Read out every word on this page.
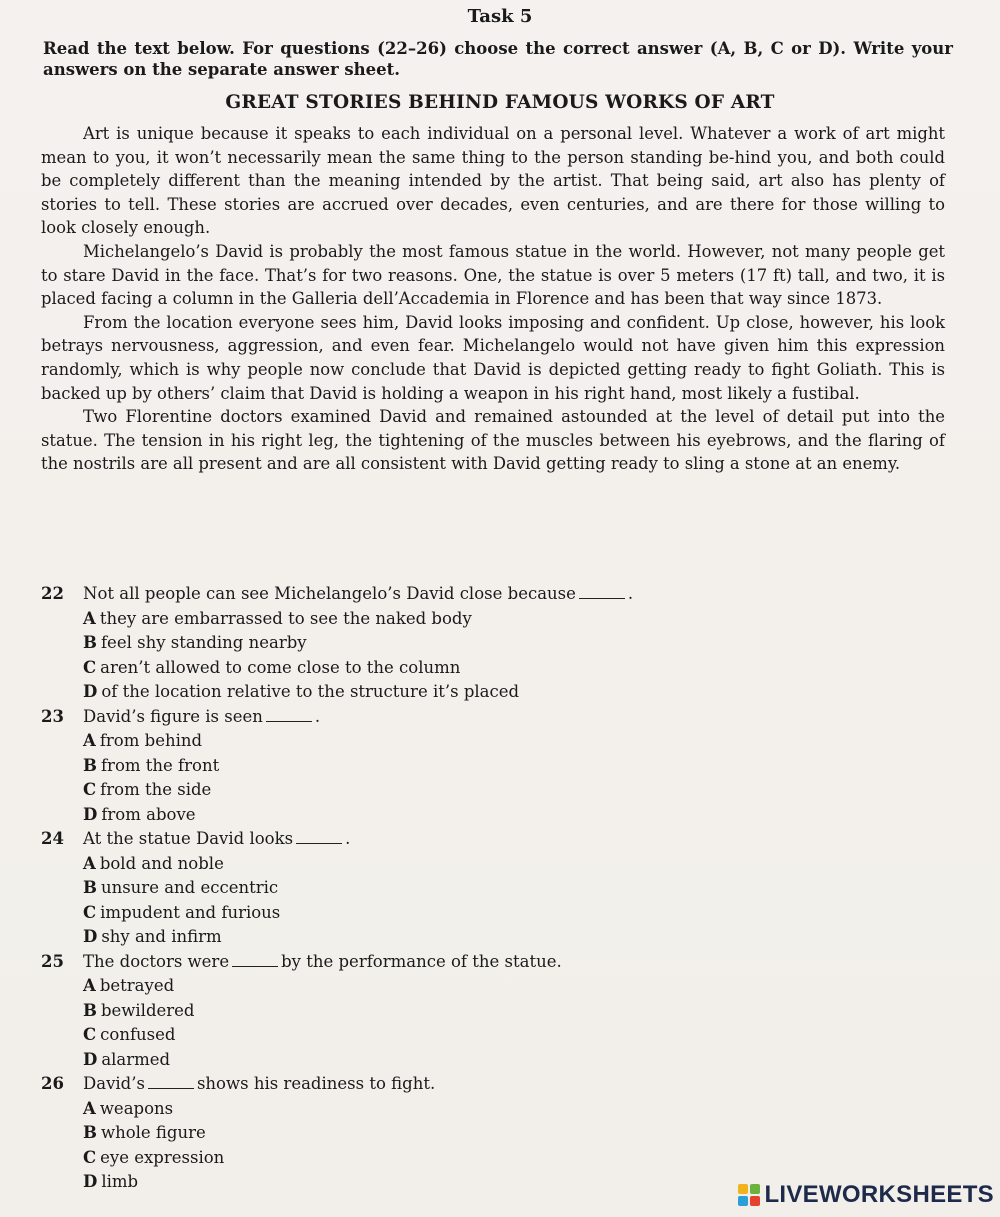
Task 5
Read the text below. For questions (22–26) choose the correct answer (A, B, C or D). Write your answers on the separate answer sheet.
GREAT STORIES BEHIND FAMOUS WORKS OF ART

Art is unique because it speaks to each individual on a personal level. Whatever a work of art might mean to you, it won’t necessarily mean the same thing to the person standing be-hind you, and both could be completely different than the meaning intended by the artist. That being said, art also has plenty of stories to tell. These stories are accrued over decades, even centuries, and are there for those willing to look closely enough.

Michelangelo’s David is probably the most famous statue in the world. However, not many people get to stare David in the face. That’s for two reasons. One, the statue is over 5 meters (17 ft) tall, and two, it is placed facing a column in the Galleria dell’Accademia in Florence and has been that way since 1873.

From the location everyone sees him, David looks imposing and confident. Up close, however, his look betrays nervousness, aggression, and even fear. Michelangelo would not have given him this expression randomly, which is why people now conclude that David is depicted getting ready to fight Goliath. This is backed up by others’ claim that David is holding a weapon in his right hand, most likely a fustibal.

Two Florentine doctors examined David and remained astounded at the level of detail put into the statue. The tension in his right leg, the tightening of the muscles between his eyebrows, and the flaring of the nostrils are all present and are all consistent with David getting ready to sling a stone at an enemy.

22 Not all people can see Michelangelo’s David close because	.
A they are embarrassed to see the naked body
B feel shy standing nearby
C aren’t allowed to come close to the column
D of the location relative to the structure it’s placed
23 David’s figure is seen	.
A from behind
B from the front
C from the side
D from above
24 At the statue David looks	.
A bold and noble
B unsure and eccentric
C impudent and furious
D shy and infirm
25 The doctors were	by the performance of the statue.
A betrayed
B bewildered
C confused
D alarmed
26 David’s	shows his readiness to fight.
A weapons
B whole figure
C eye expression
D limb	LIVEWORKSHEETS
